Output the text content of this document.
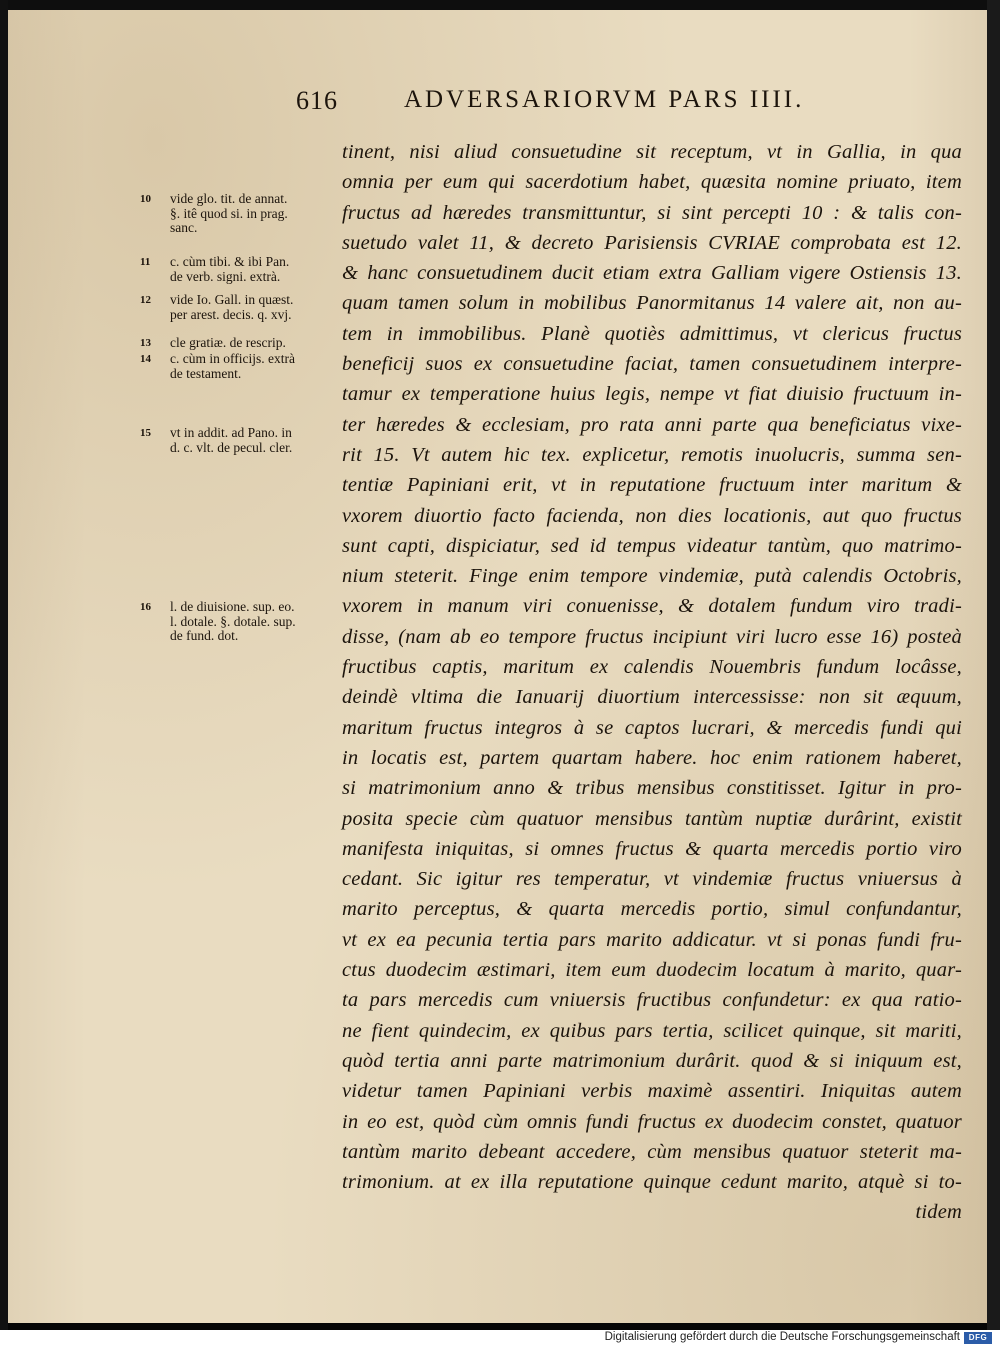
616	ADVERSARIORVM PARS IIII.
tinent, nisi aliud consuetudine sit receptum, vt in Gallia, in qua
omnia per eum qui sacerdotium habet, quæsita nomine priuato, item
fructus ad hæredes transmittuntur, si sint percepti 10 : & talis con-
suetudo valet 11, & decreto Parisiensis CVRIAE comprobata est 12.
& hanc consuetudinem ducit etiam extra Galliam vigere Ostiensis 13.
quam tamen solum in mobilibus Panormitanus 14 valere ait, non au-
tem in immobilibus. Planè quotiès admittimus, vt clericus fructus
beneficij suos ex consuetudine faciat, tamen consuetudinem interpre-
tamur ex temperatione huius legis, nempe vt fiat diuisio fructuum in-
ter hæredes & ecclesiam, pro rata anni parte qua beneficiatus vixe-
rit 15. Vt autem hic tex. explicetur, remotis inuolucris, summa sen-
tentiæ Papiniani erit, vt in reputatione fructuum inter maritum &
vxorem diuortio facto facienda, non dies locationis, aut quo fructus
sunt capti, dispiciatur, sed id tempus videatur tantùm, quo matrimo-
nium steterit. Finge enim tempore vindemiæ, putà calendis Octobris,
vxorem in manum viri conuenisse, & dotalem fundum viro tradi-
disse, (nam ab eo tempore fructus incipiunt viri lucro esse 16) posteà
fructibus captis, maritum ex calendis Nouembris fundum locâsse,
deindè vltima die Ianuarij diuortium intercessisse: non sit æquum,
maritum fructus integros à se captos lucrari, & mercedis fundi qui
in locatis est, partem quartam habere. hoc enim rationem haberet,
si matrimonium anno & tribus mensibus constitisset. Igitur in pro-
posita specie cùm quatuor mensibus tantùm nuptiæ durârint, existit
manifesta iniquitas, si omnes fructus & quarta mercedis portio viro
cedant. Sic igitur res temperatur, vt vindemiæ fructus vniuersus à
marito perceptus, & quarta mercedis portio, simul confundantur,
vt ex ea pecunia tertia pars marito addicatur. vt si ponas fundi fru-
ctus duodecim æstimari, item eum duodecim locatum à marito, quar-
ta pars mercedis cum vniuersis fructibus confundetur: ex qua ratio-
ne fient quindecim, ex quibus pars tertia, scilicet quinque, sit mariti,
quòd tertia anni parte matrimonium durârit. quod & si iniquum est,
videtur tamen Papiniani verbis maximè assentiri. Iniquitas autem
in eo est, quòd cùm omnis fundi fructus ex duodecim constet, quatuor
tantùm marito debeant accedere, cùm mensibus quatuor steterit ma-
trimonium. at ex illa reputatione quinque cedunt marito, atquè si to-
tidem
10	vide glo. tit. de annat.
§. itê quod si. in prag.
sanc.
11	c. cùm tibi. & ibi Pan.
de verb. signi. extrà.
12	vide Io. Gall. in quæst.
per arest. decis. q. xvj.
13	cle gratiæ. de rescrip.
14	c. cùm in officijs. extrà
de testament.
15	vt in addit. ad Pano. in
d. c. vlt. de pecul. cler.
16	l. de diuisione. sup. eo.
l. dotale. §. dotale. sup.
de fund. dot.
Digitalisierung gefördert durch die Deutsche Forschungsgemeinschaft	DFG
